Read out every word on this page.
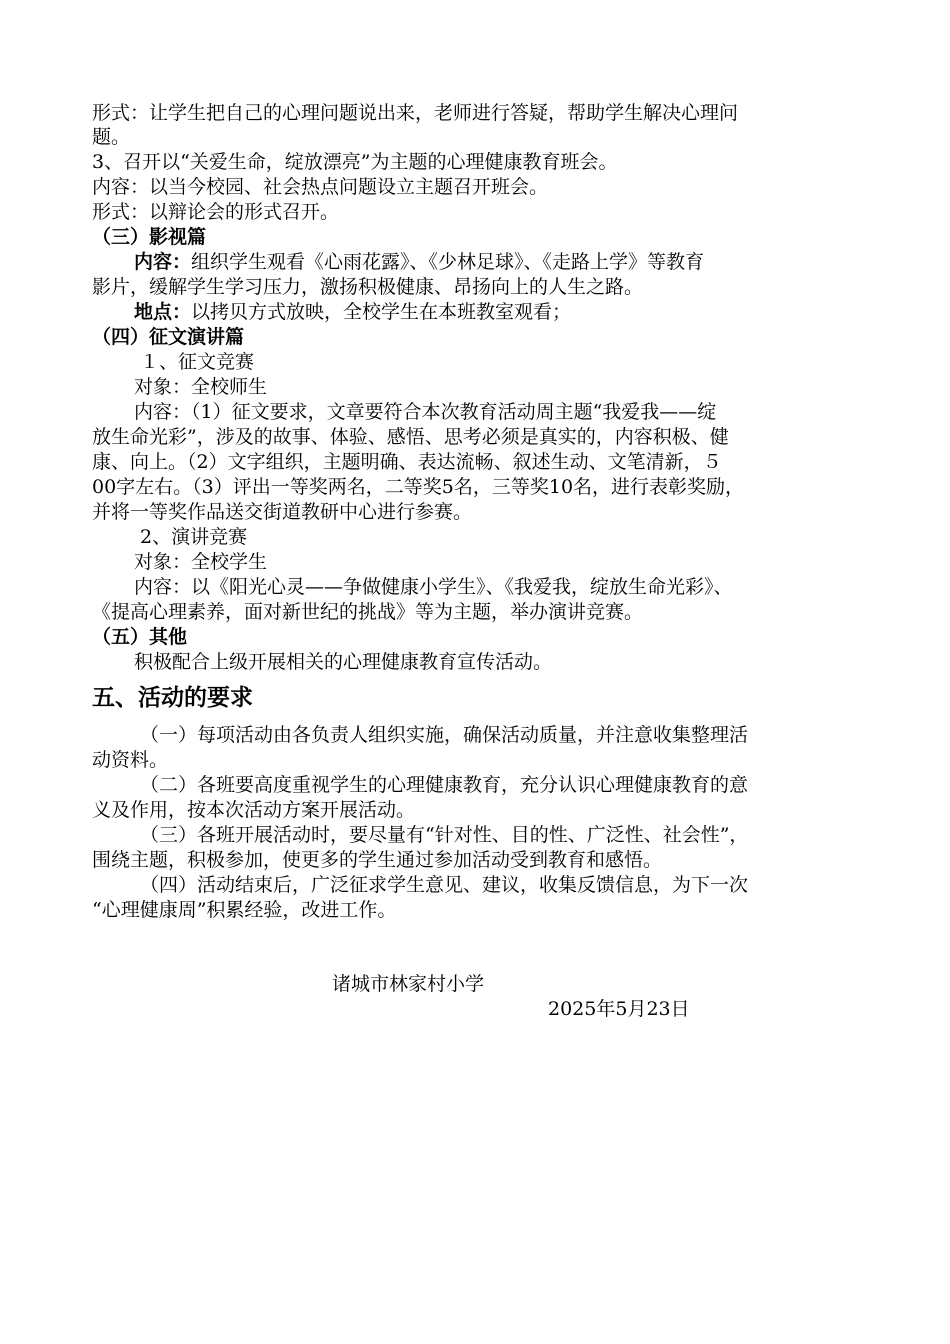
形式：让学生把自己的心理问题说出来，老师进行答疑，帮助学生解决心理问
题。
3、召开以“关爱生命，绽放漂亮”为主题的心理健康教育班会。
内容：以当今校园、社会热点问题设立主题召开班会。
形式：以辩论会的形式召开。
（三）影视篇
内容：组织学生观看《心雨花露》、《少林足球》、《走路上学》等教育
影片，缓解学生学习压力，激扬积极健康、昂扬向上的人生之路。
地点：以拷贝方式放映，全校学生在本班教室观看；
（四）征文演讲篇
１、征文竞赛
对象：全校师生
内容：（1）征文要求，文章要符合本次教育活动周主题“我爱我——绽
放生命光彩”，涉及的故事、体验、感悟、思考必须是真实的，内容积极、健
康、向上。（2）文字组织，主题明确、表达流畅、叙述生动、文笔清新，５
00字左右。（3）评出一等奖两名，二等奖5名，三等奖10名，进行表彰奖励，
并将一等奖作品送交街道教研中心进行参赛。
2、演讲竞赛
对象：全校学生
内容：以《阳光心灵——争做健康小学生》、《我爱我，绽放生命光彩》、
《提高心理素养，面对新世纪的挑战》等为主题，举办演讲竞赛。
（五）其他
积极配合上级开展相关的心理健康教育宣传活动。
五、活动的要求
（一）每项活动由各负责人组织实施，确保活动质量，并注意收集整理活
动资料。
（二）各班要高度重视学生的心理健康教育，充分认识心理健康教育的意
义及作用，按本次活动方案开展活动。
（三）各班开展活动时，要尽量有“针对性、目的性、广泛性、社会性”，
围绕主题，积极参加，使更多的学生通过参加活动受到教育和感悟。
（四）活动结束后，广泛征求学生意见、建议，收集反馈信息，为下一次
“心理健康周”积累经验，改进工作。
诸城市林家村小学
2025年5月23日
